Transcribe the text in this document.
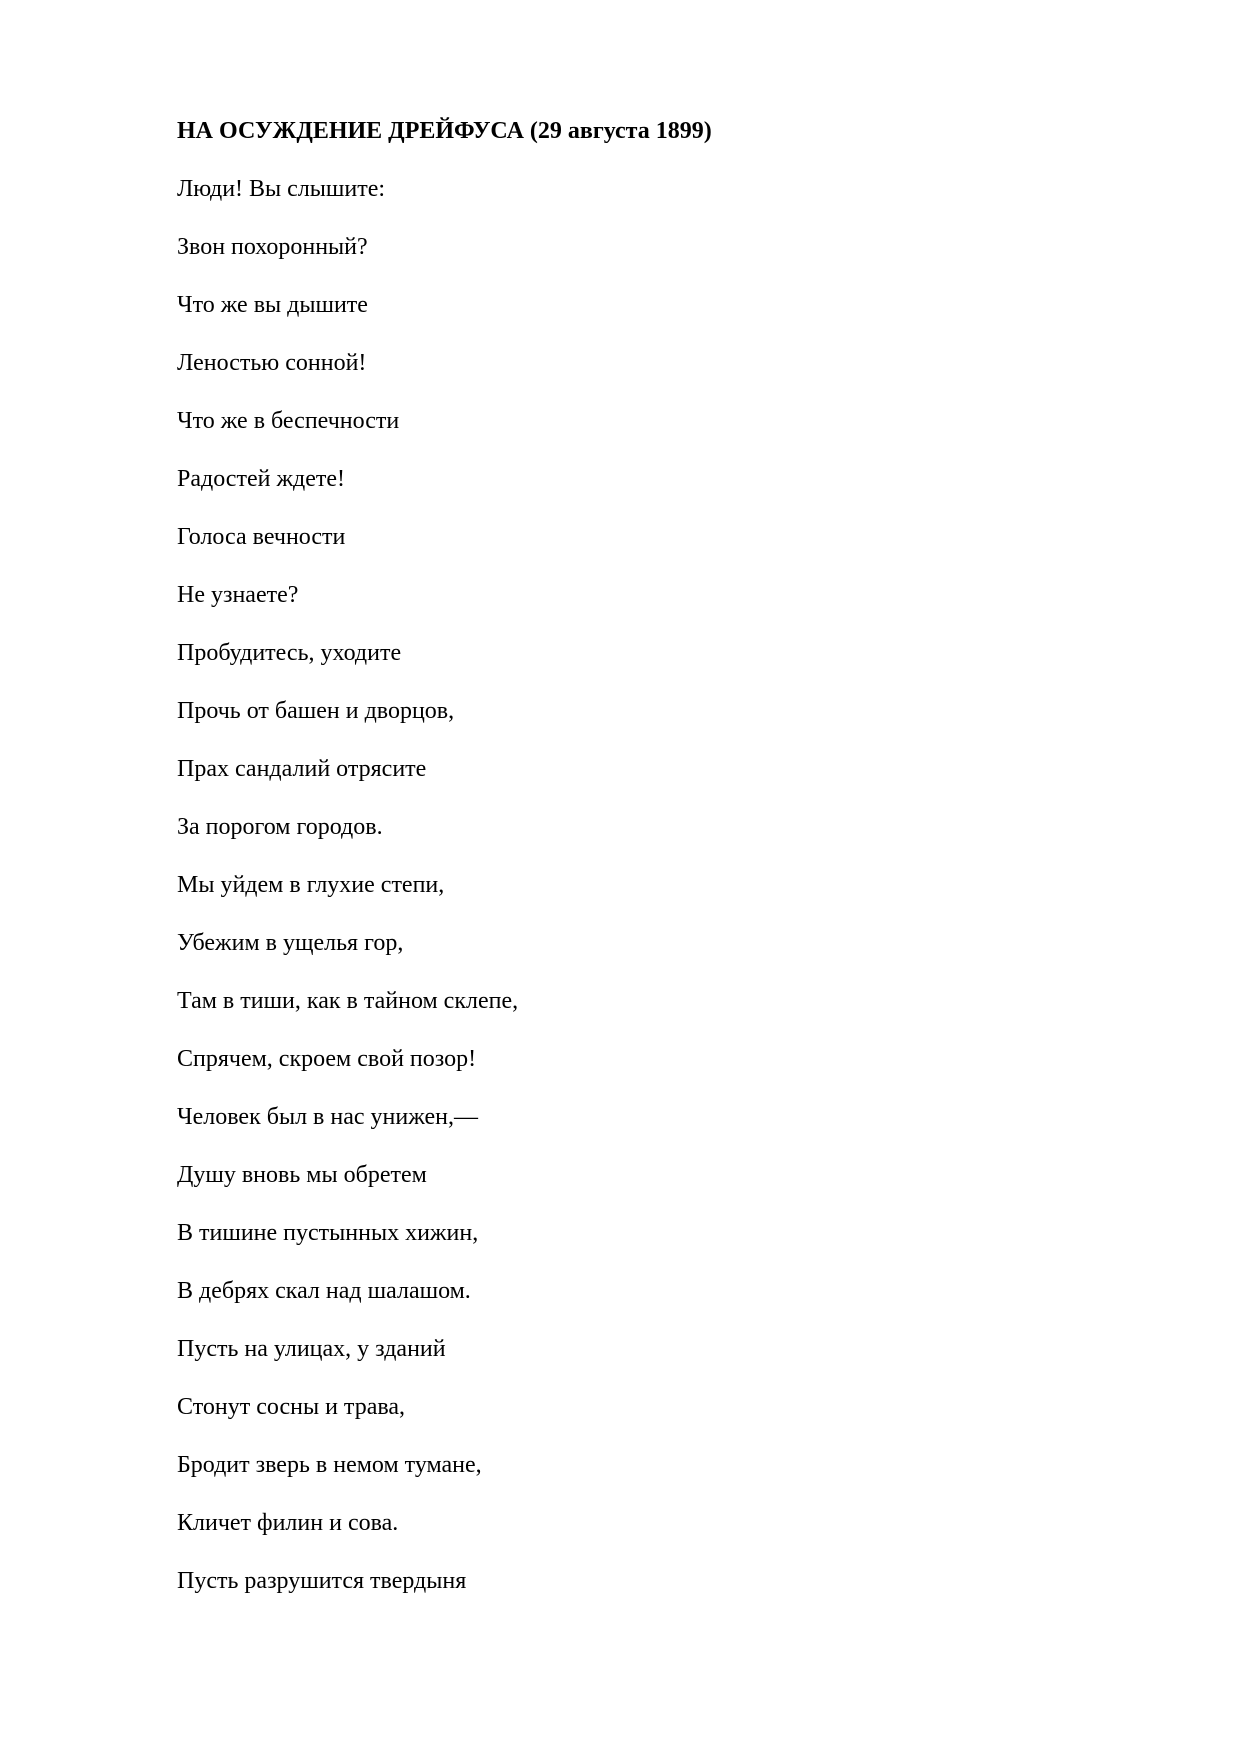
НА ОСУЖДЕНИЕ ДРЕЙФУСА (29 августа 1899)
Люди! Вы слышите:
Звон похоронный?
Что же вы дышите
Леностью сонной!
Что же в беспечности
Радостей ждете!
Голоса вечности
Не узнаете?
Пробудитесь, уходите
Прочь от башен и дворцов,
Прах сандалий отрясите
За порогом городов.
Мы уйдем в глухие степи,
Убежим в ущелья гор,
Там в тиши, как в тайном склепе,
Спрячем, скроем свой позор!
Человек был в нас унижен,—
Душу вновь мы обретем
В тишине пустынных хижин,
В дебрях скал над шалашом.
Пусть на улицах, у зданий
Стонут сосны и трава,
Бродит зверь в немом тумане,
Кличет филин и сова.
Пусть разрушится твердыня
